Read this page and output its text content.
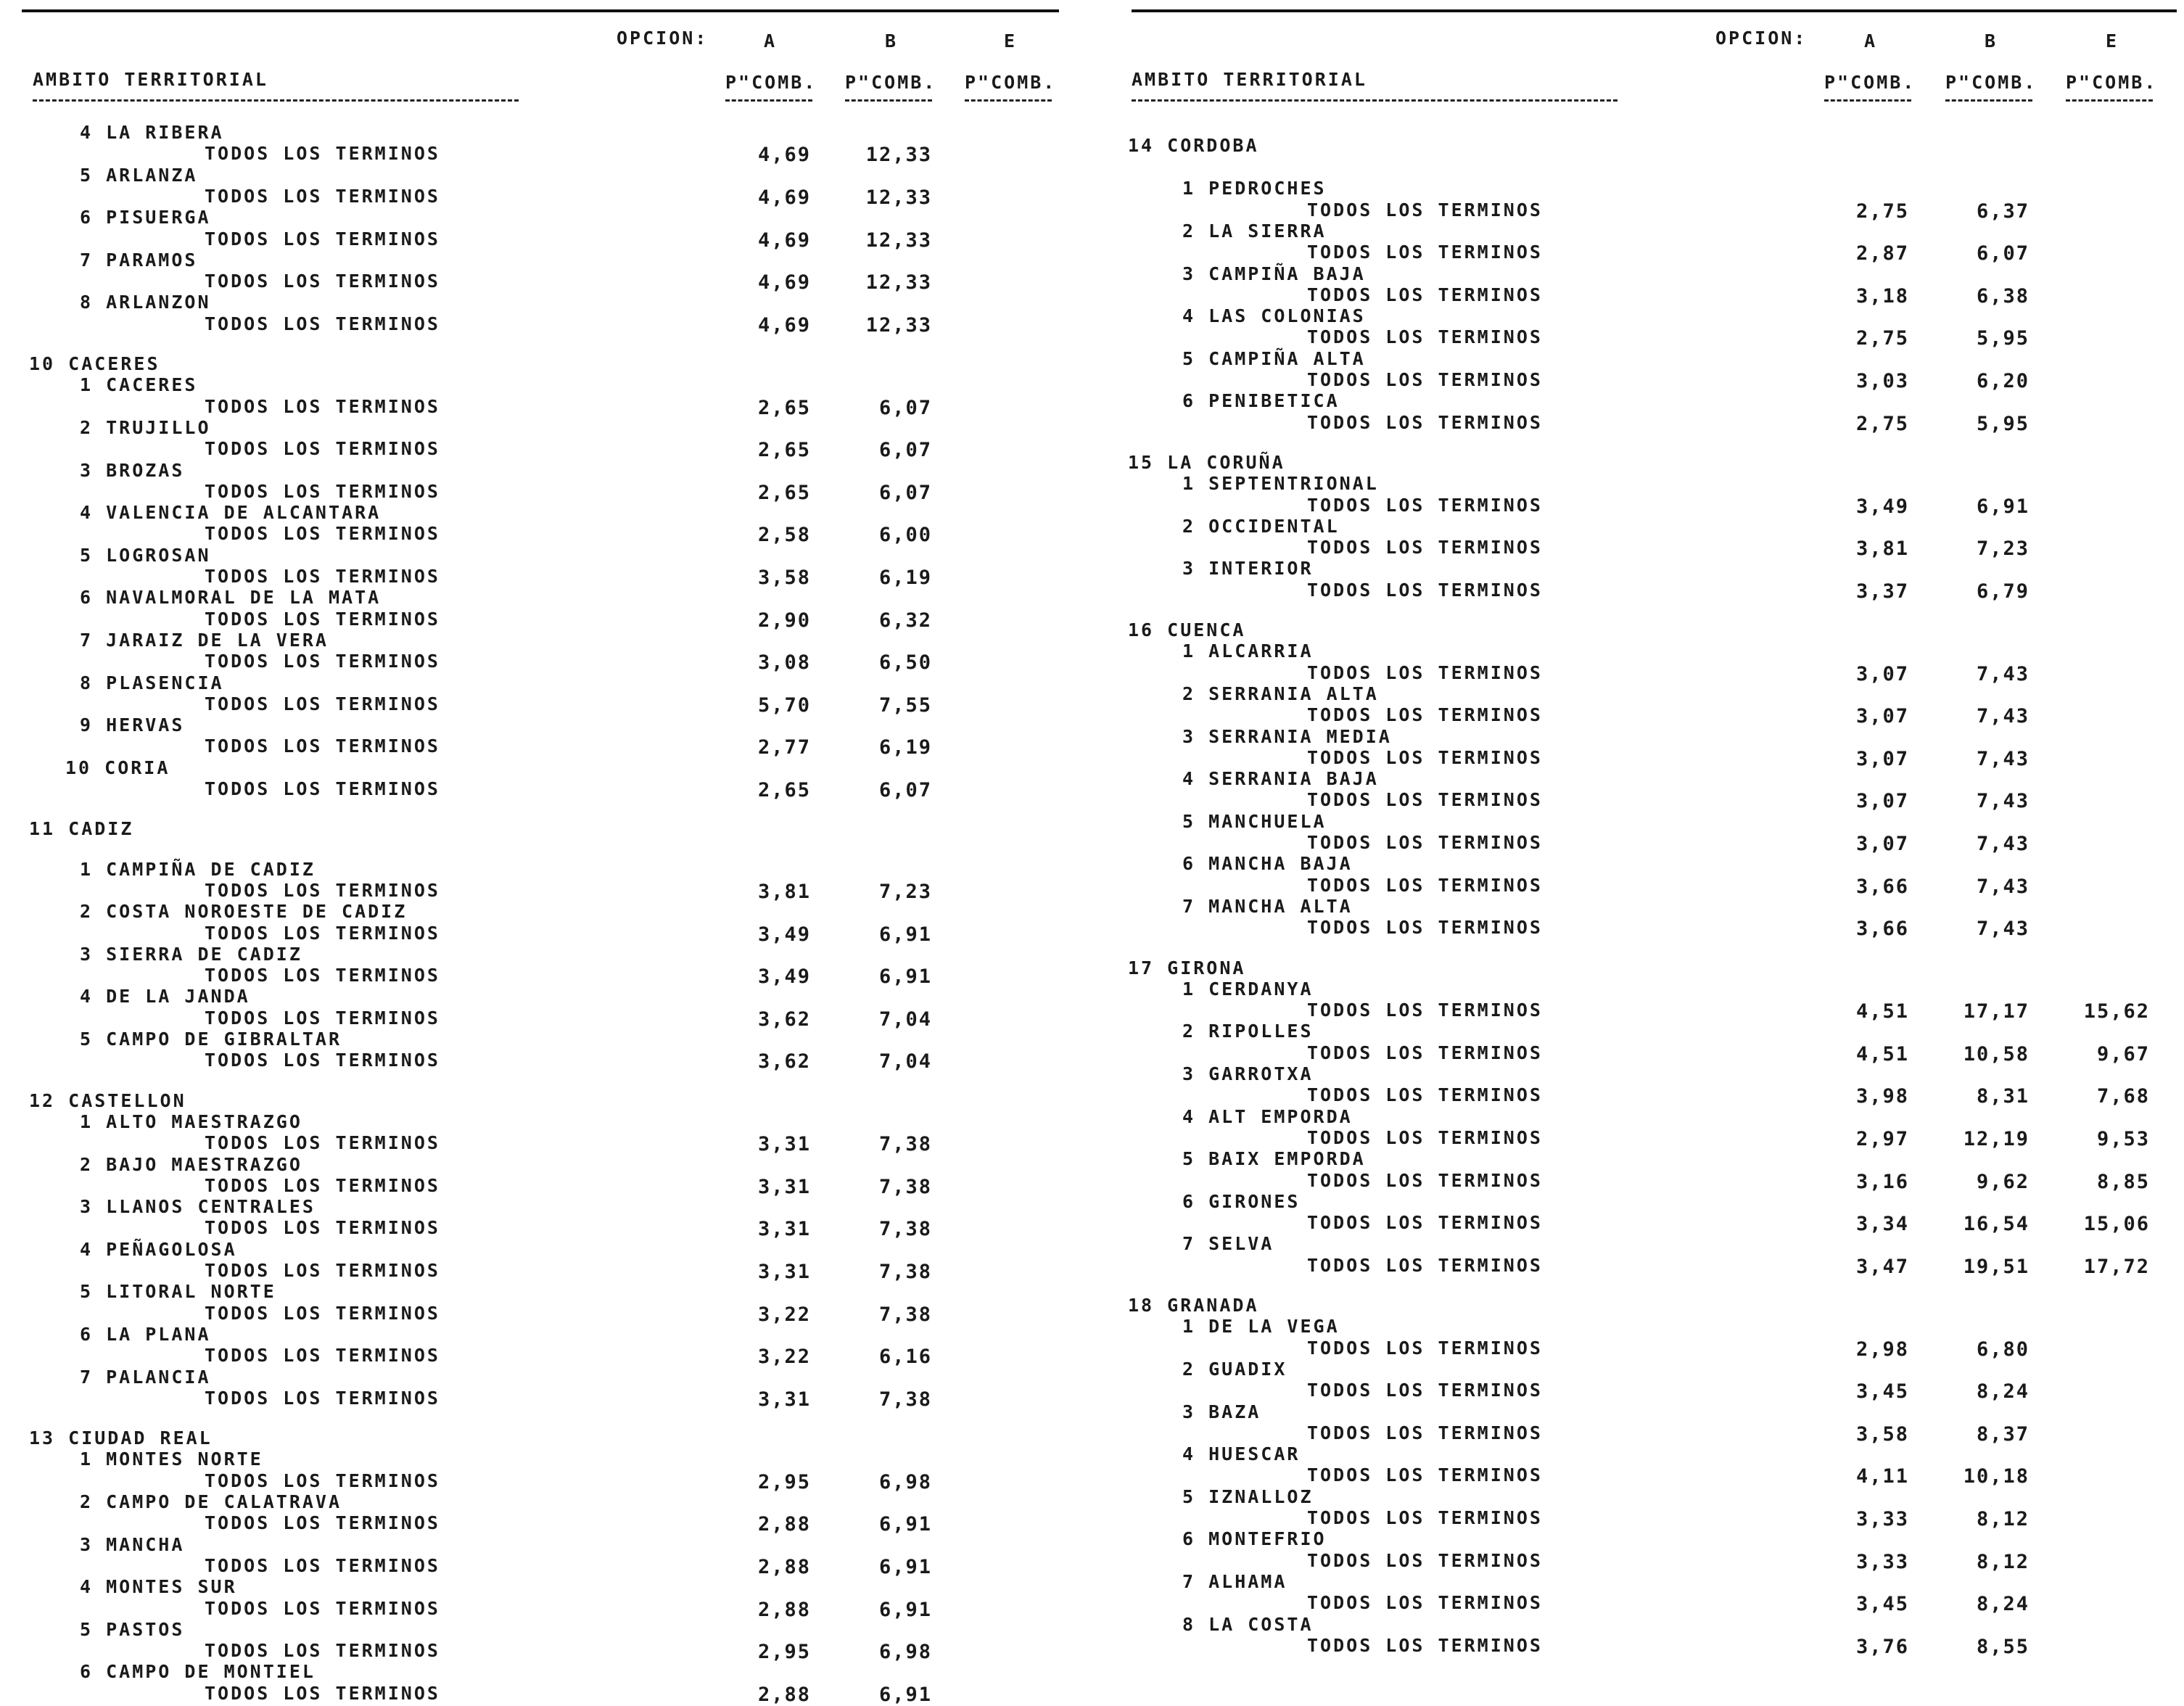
OPCION:	A	B	E
AMBITO TERRITORIAL	P"COMB. P"COMB. P"COMB.
4 LA RIBERA
TODOS LOS TERMINOS	4,69	12,33
5 ARLANZA
TODOS LOS TERMINOS	4,69	12,33
6 PISUERGA
TODOS LOS TERMINOS	4,69	12,33
7 PARAMOS
TODOS LOS TERMINOS	4,69	12,33
8 ARLANZON
TODOS LOS TERMINOS	4,69	12,33
10 CACERES
1 CACERES
TODOS LOS TERMINOS	2,65	6,07
2 TRUJILLO
TODOS LOS TERMINOS	2,65	6,07
3 BROZAS
TODOS LOS TERMINOS	2,65	6,07
4 VALENCIA DE ALCANTARA
TODOS LOS TERMINOS	2,58	6,00
5 LOGROSAN
TODOS LOS TERMINOS	3,58	6,19
6 NAVALMORAL DE LA MATA
TODOS LOS TERMINOS	2,90	6,32
7 JARAIZ DE LA VERA
TODOS LOS TERMINOS	3,08	6,50
8 PLASENCIA
TODOS LOS TERMINOS	5,70	7,55
9 HERVAS
TODOS LOS TERMINOS	2,77	6,19
10 CORIA
TODOS LOS TERMINOS	2,65	6,07
11 CADIZ
1 CAMPIÑA DE CADIZ
TODOS LOS TERMINOS	3,81	7,23
2 COSTA NOROESTE DE CADIZ
TODOS LOS TERMINOS	3,49	6,91
3 SIERRA DE CADIZ
TODOS LOS TERMINOS	3,49	6,91
4 DE LA JANDA
TODOS LOS TERMINOS	3,62	7,04
5 CAMPO DE GIBRALTAR
TODOS LOS TERMINOS	3,62	7,04
12 CASTELLON
1 ALTO MAESTRAZGO
TODOS LOS TERMINOS	3,31	7,38
2 BAJO MAESTRAZGO
TODOS LOS TERMINOS	3,31	7,38
3 LLANOS CENTRALES
TODOS LOS TERMINOS	3,31	7,38
4 PEÑAGOLOSA
TODOS LOS TERMINOS	3,31	7,38
5 LITORAL NORTE
TODOS LOS TERMINOS	3,22	7,38
6 LA PLANA
TODOS LOS TERMINOS	3,22	6,16
7 PALANCIA
TODOS LOS TERMINOS	3,31	7,38
13 CIUDAD REAL
1 MONTES NORTE
TODOS LOS TERMINOS	2,95	6,98
2 CAMPO DE CALATRAVA
TODOS LOS TERMINOS	2,88	6,91
3 MANCHA
TODOS LOS TERMINOS	2,88	6,91
4 MONTES SUR
TODOS LOS TERMINOS	2,88	6,91
5 PASTOS
TODOS LOS TERMINOS	2,95	6,98
6 CAMPO DE MONTIEL
TODOS LOS TERMINOS	2,88	6,91
OPCION:	A	B	E
AMBITO TERRITORIAL	P"COMB. P"COMB. P"COMB.
14 CORDOBA
1 PEDROCHES
TODOS LOS TERMINOS	2,75	6,37
2 LA SIERRA
TODOS LOS TERMINOS	2,87	6,07
3 CAMPIÑA BAJA
TODOS LOS TERMINOS	3,18	6,38
4 LAS COLONIAS
TODOS LOS TERMINOS	2,75	5,95
5 CAMPIÑA ALTA
TODOS LOS TERMINOS	3,03	6,20
6 PENIBETICA
TODOS LOS TERMINOS	2,75	5,95
15 LA CORUÑA
1 SEPTENTRIONAL
TODOS LOS TERMINOS	3,49	6,91
2 OCCIDENTAL
TODOS LOS TERMINOS	3,81	7,23
3 INTERIOR
TODOS LOS TERMINOS	3,37	6,79
16 CUENCA
1 ALCARRIA
TODOS LOS TERMINOS	3,07	7,43
2 SERRANIA ALTA
TODOS LOS TERMINOS	3,07	7,43
3 SERRANIA MEDIA
TODOS LOS TERMINOS	3,07	7,43
4 SERRANIA BAJA
TODOS LOS TERMINOS	3,07	7,43
5 MANCHUELA
TODOS LOS TERMINOS	3,07	7,43
6 MANCHA BAJA
TODOS LOS TERMINOS	3,66	7,43
7 MANCHA ALTA
TODOS LOS TERMINOS	3,66	7,43
17 GIRONA
1 CERDANYA
TODOS LOS TERMINOS	4,51	17,17	15,62
2 RIPOLLES
TODOS LOS TERMINOS	4,51	10,58	9,67
3 GARROTXA
TODOS LOS TERMINOS	3,98	8,31	7,68
4 ALT EMPORDA
TODOS LOS TERMINOS	2,97	12,19	9,53
5 BAIX EMPORDA
TODOS LOS TERMINOS	3,16	9,62	8,85
6 GIRONES
TODOS LOS TERMINOS	3,34	16,54	15,06
7 SELVA
TODOS LOS TERMINOS	3,47	19,51	17,72
18 GRANADA
1 DE LA VEGA
TODOS LOS TERMINOS	2,98	6,80
2 GUADIX
TODOS LOS TERMINOS	3,45	8,24
3 BAZA
TODOS LOS TERMINOS	3,58	8,37
4 HUESCAR
TODOS LOS TERMINOS	4,11	10,18
5 IZNALLOZ
TODOS LOS TERMINOS	3,33	8,12
6 MONTEFRIO
TODOS LOS TERMINOS	3,33	8,12
7 ALHAMA
TODOS LOS TERMINOS	3,45	8,24
8 LA COSTA
TODOS LOS TERMINOS	3,76	8,55
